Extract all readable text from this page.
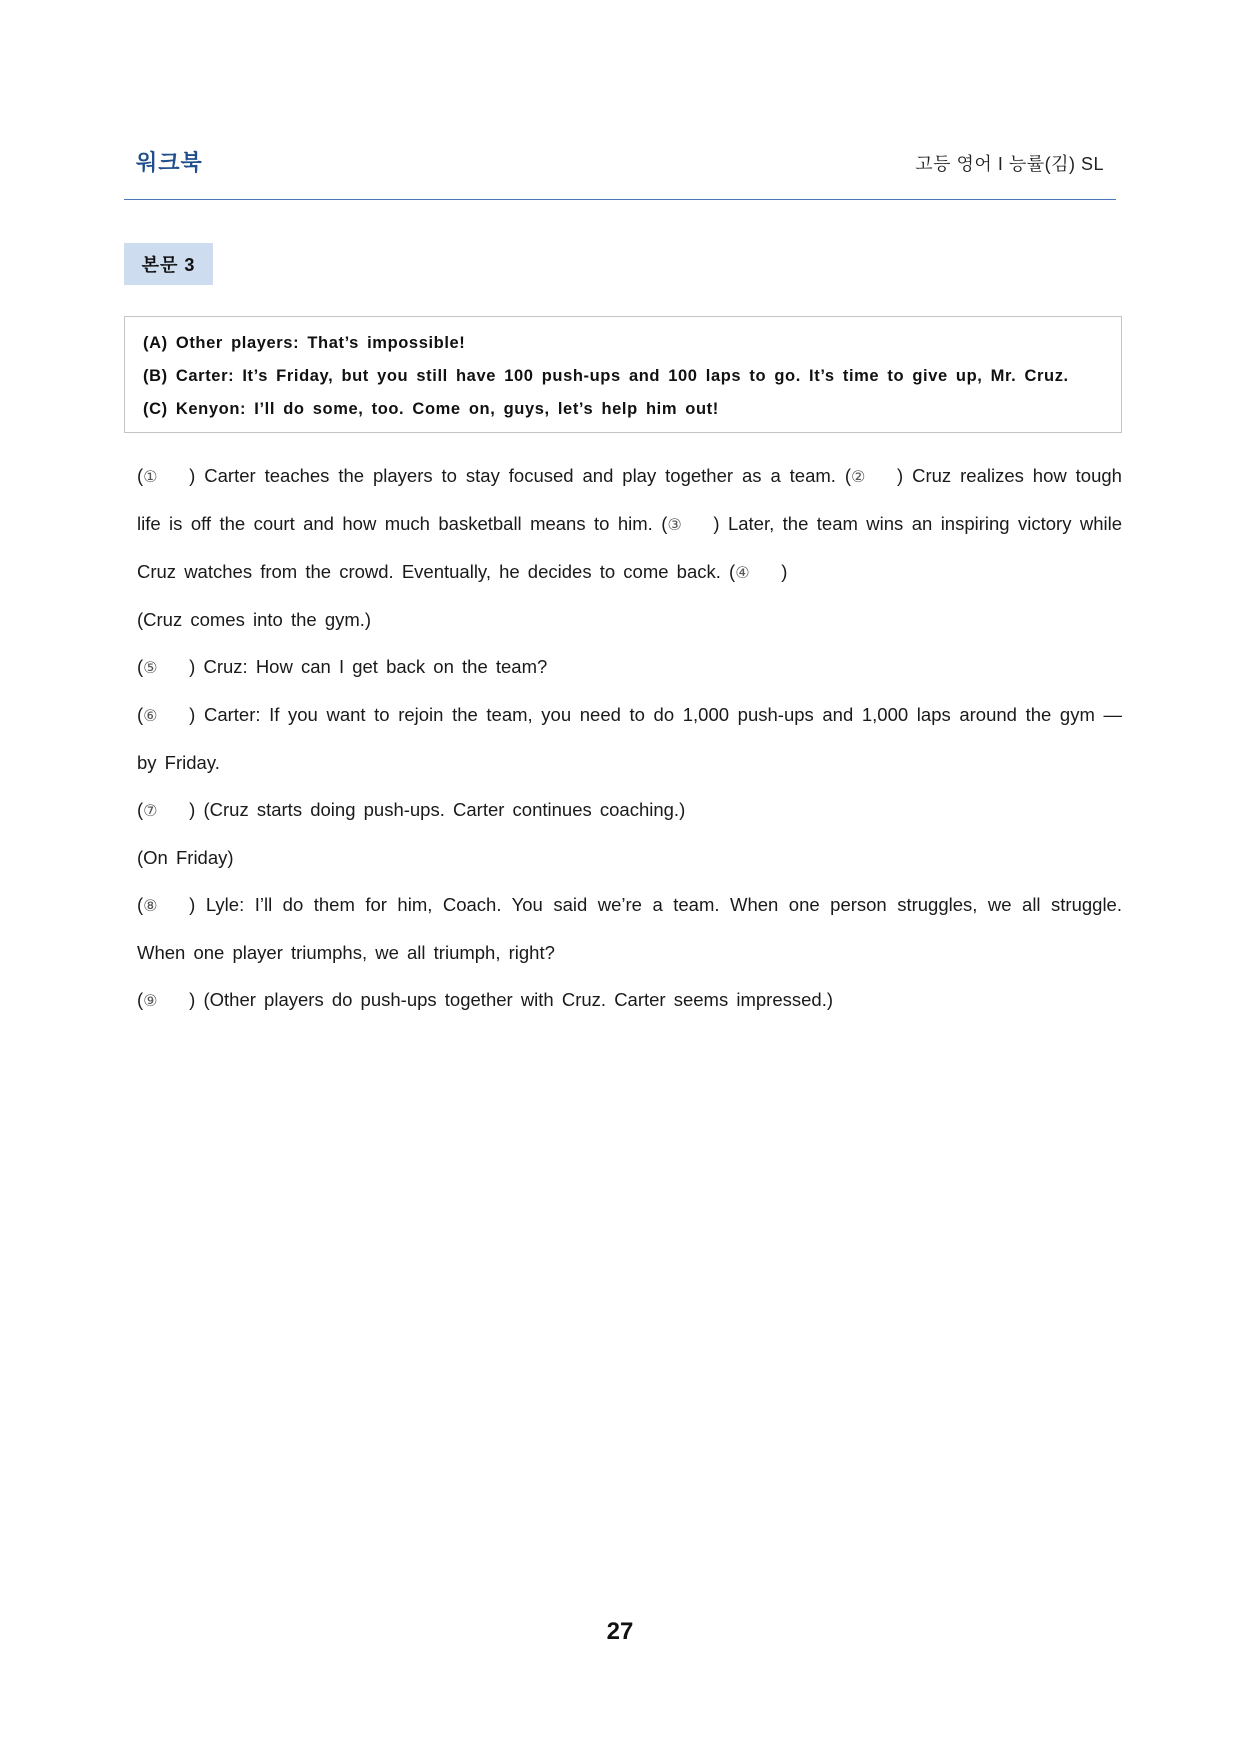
워크북	고등 영어 I 능률(김) SL
본문 3
(A) Other players: That’s impossible!
(B) Carter: It’s Friday, but you still have 100 push-ups and 100 laps to go. It’s time to give up, Mr. Cruz.
(C) Kenyon: I’ll do some, too. Come on, guys, let’s help him out!
(① ) Carter teaches the players to stay focused and play together as a team. (② ) Cruz realizes how tough life is off the court and how much basketball means to him. (③ ) Later, the team wins an inspiring victory while Cruz watches from the crowd. Eventually, he decides to come back. (④ )
(Cruz comes into the gym.)
(⑤ ) Cruz: How can I get back on the team?
(⑥ ) Carter: If you want to rejoin the team, you need to do 1,000 push-ups and 1,000 laps around the gym — by Friday.
(⑦ ) (Cruz starts doing push-ups. Carter continues coaching.)
(On Friday)
(⑧ ) Lyle: I’ll do them for him, Coach. You said we’re a team. When one person struggles, we all struggle. When one player triumphs, we all triumph, right?
(⑨ ) (Other players do push-ups together with Cruz. Carter seems impressed.)
27
